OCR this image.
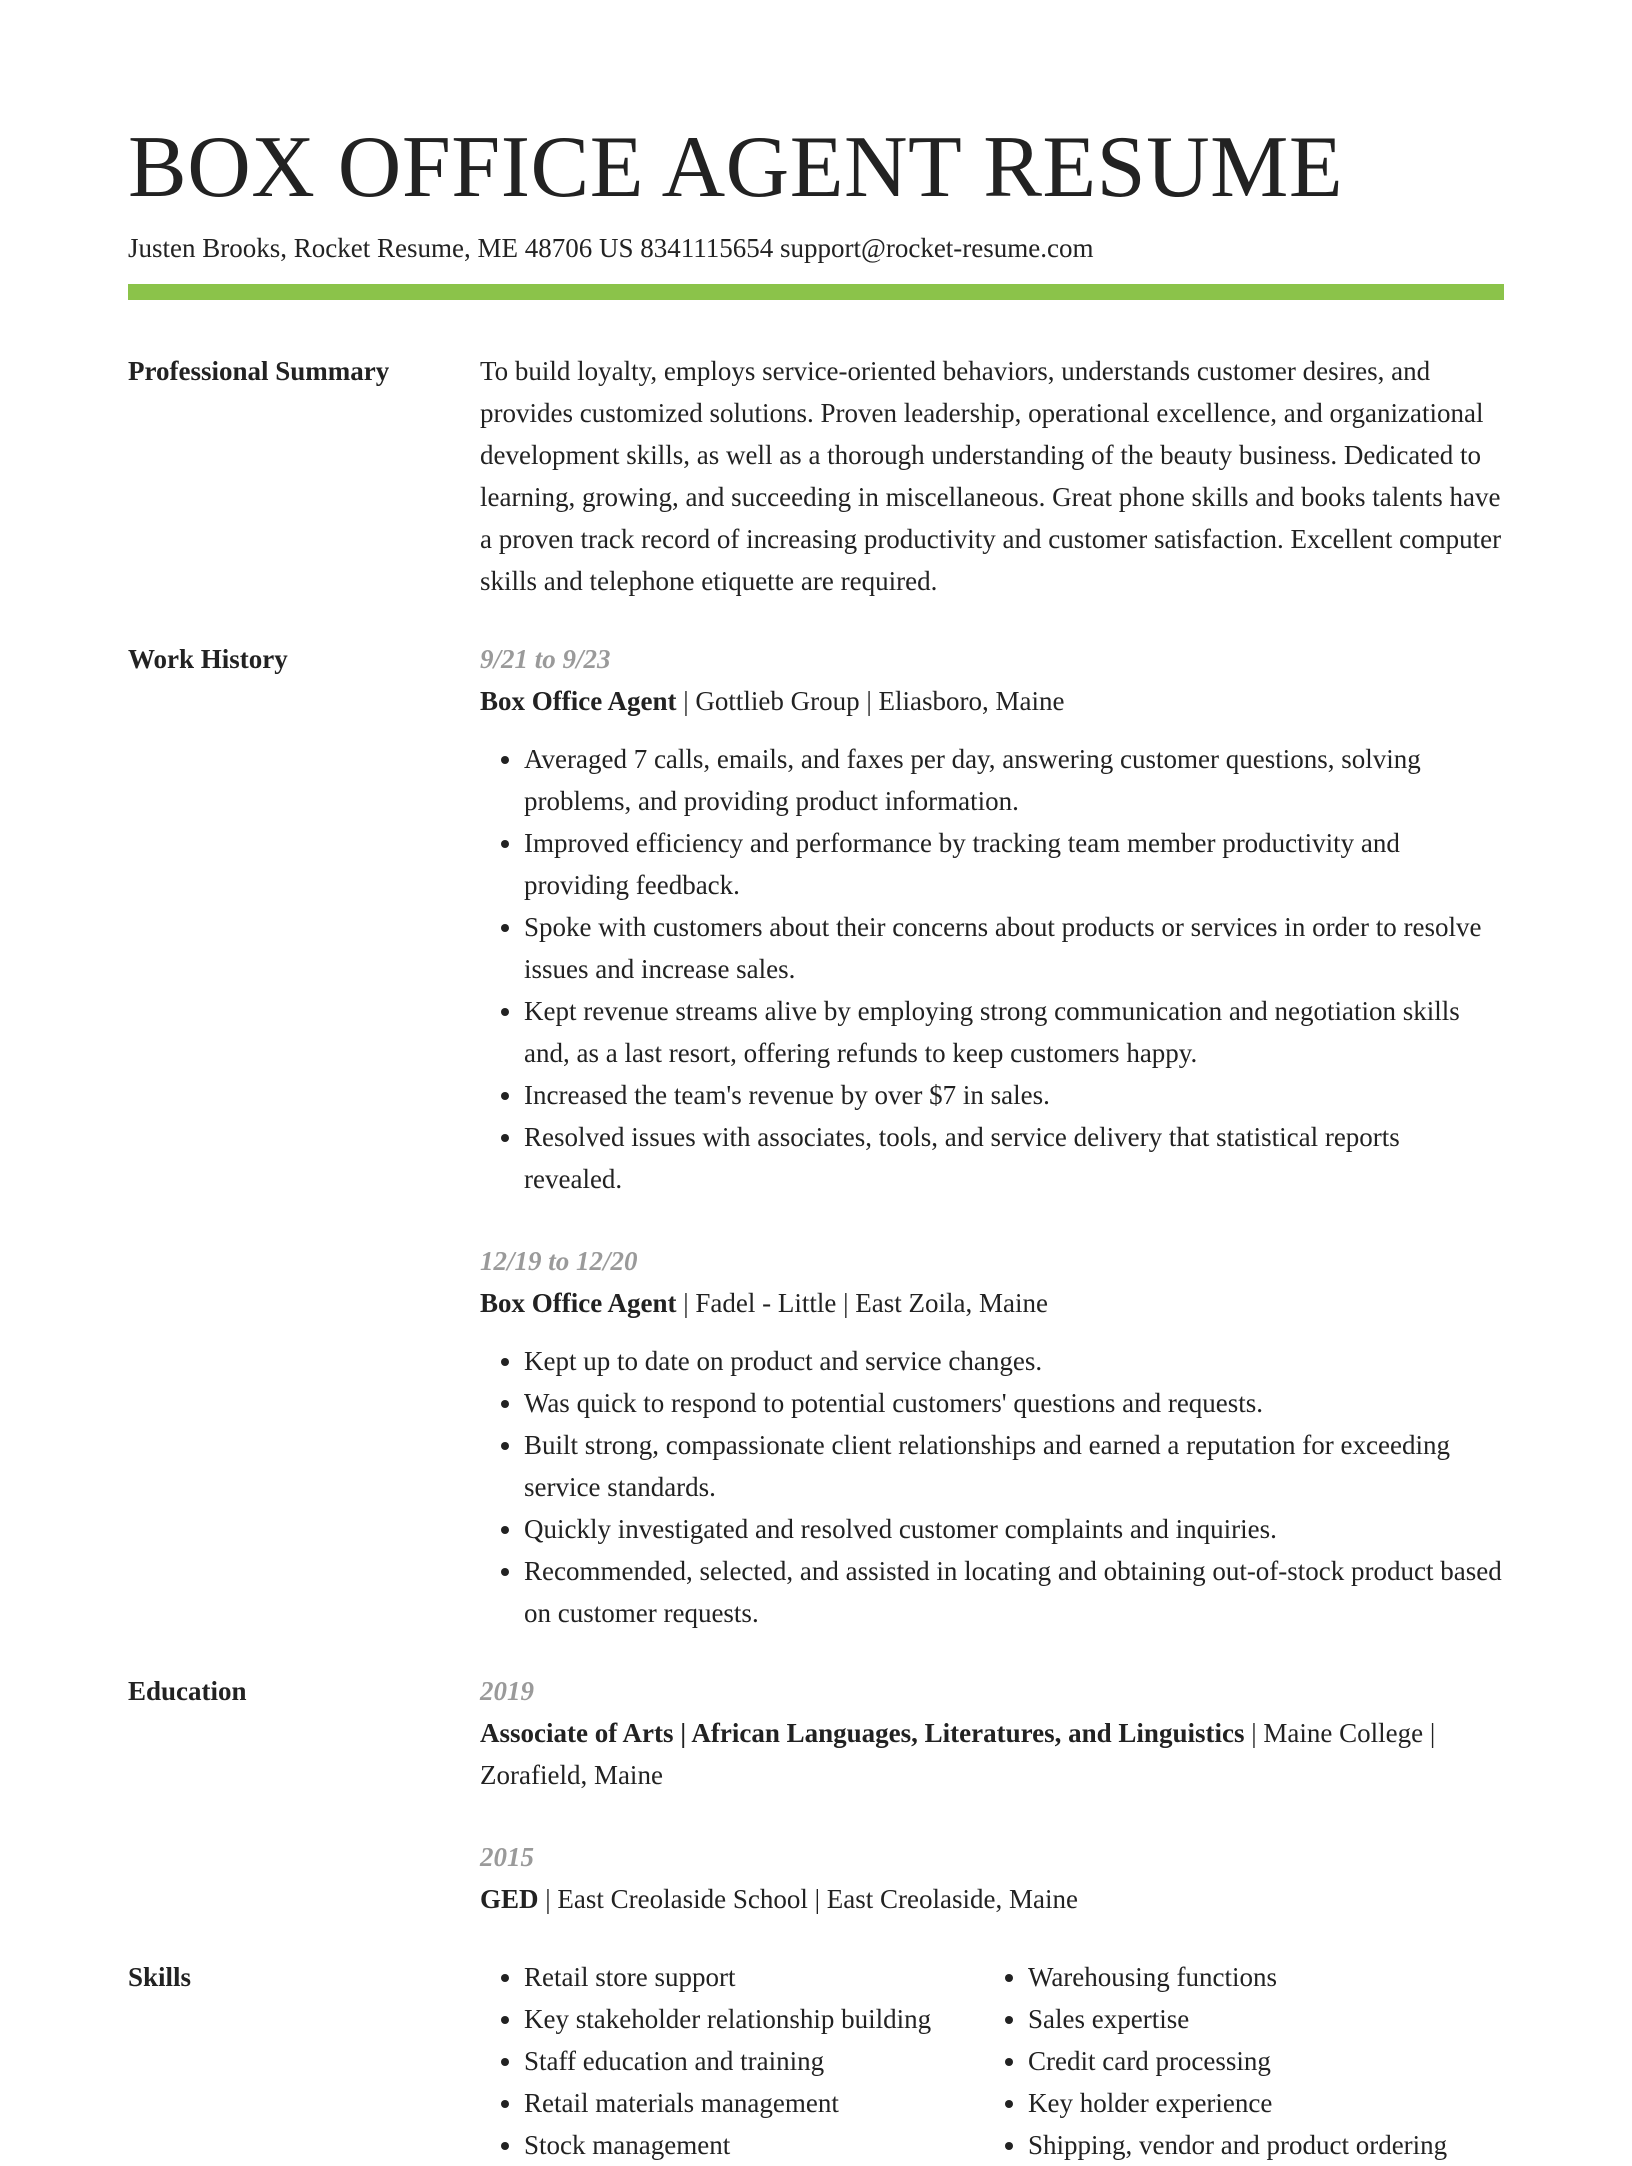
BOX OFFICE AGENT RESUME
Justen Brooks, Rocket Resume, ME 48706 US 8341115654 support@rocket-resume.com
Professional Summary	To build loyalty, employs service-oriented behaviors, understands customer desires, and provides customized solutions. Proven leadership, operational excellence, and organizational development skills, as well as a thorough understanding of the beauty business. Dedicated to learning, growing, and succeeding in miscellaneous. Great phone skills and books talents have a proven track record of increasing productivity and customer satisfaction. Excellent computer skills and telephone etiquette are required.

Work History	9/21 to 9/23
Box Office Agent | Gottlieb Group | Eliasboro, Maine
• Averaged 7 calls, emails, and faxes per day, answering customer questions, solving problems, and providing product information.
• Improved efficiency and performance by tracking team member productivity and providing feedback.
• Spoke with customers about their concerns about products or services in order to resolve issues and increase sales.
• Kept revenue streams alive by employing strong communication and negotiation skills and, as a last resort, offering refunds to keep customers happy.
• Increased the team's revenue by over $7 in sales.
• Resolved issues with associates, tools, and service delivery that statistical reports revealed.
12/19 to 12/20
Box Office Agent | Fadel - Little | East Zoila, Maine
• Kept up to date on product and service changes.
• Was quick to respond to potential customers' questions and requests.
• Built strong, compassionate client relationships and earned a reputation for exceeding service standards.
• Quickly investigated and resolved customer complaints and inquiries.
• Recommended, selected, and assisted in locating and obtaining out-of-stock product based on customer requests.
Education	2019
Associate of Arts | African Languages, Literatures, and Linguistics | Maine College | Zorafield, Maine
2015
GED | East Creolaside School | East Creolaside, Maine
Skills
•	Retail store support
• Key stakeholder relationship building
• Staff education and training
• Retail materials management
• Stock management
• Warehousing functions
• Sales expertise
• Credit card processing
• Key holder experience
• Shipping, vendor and product ordering
